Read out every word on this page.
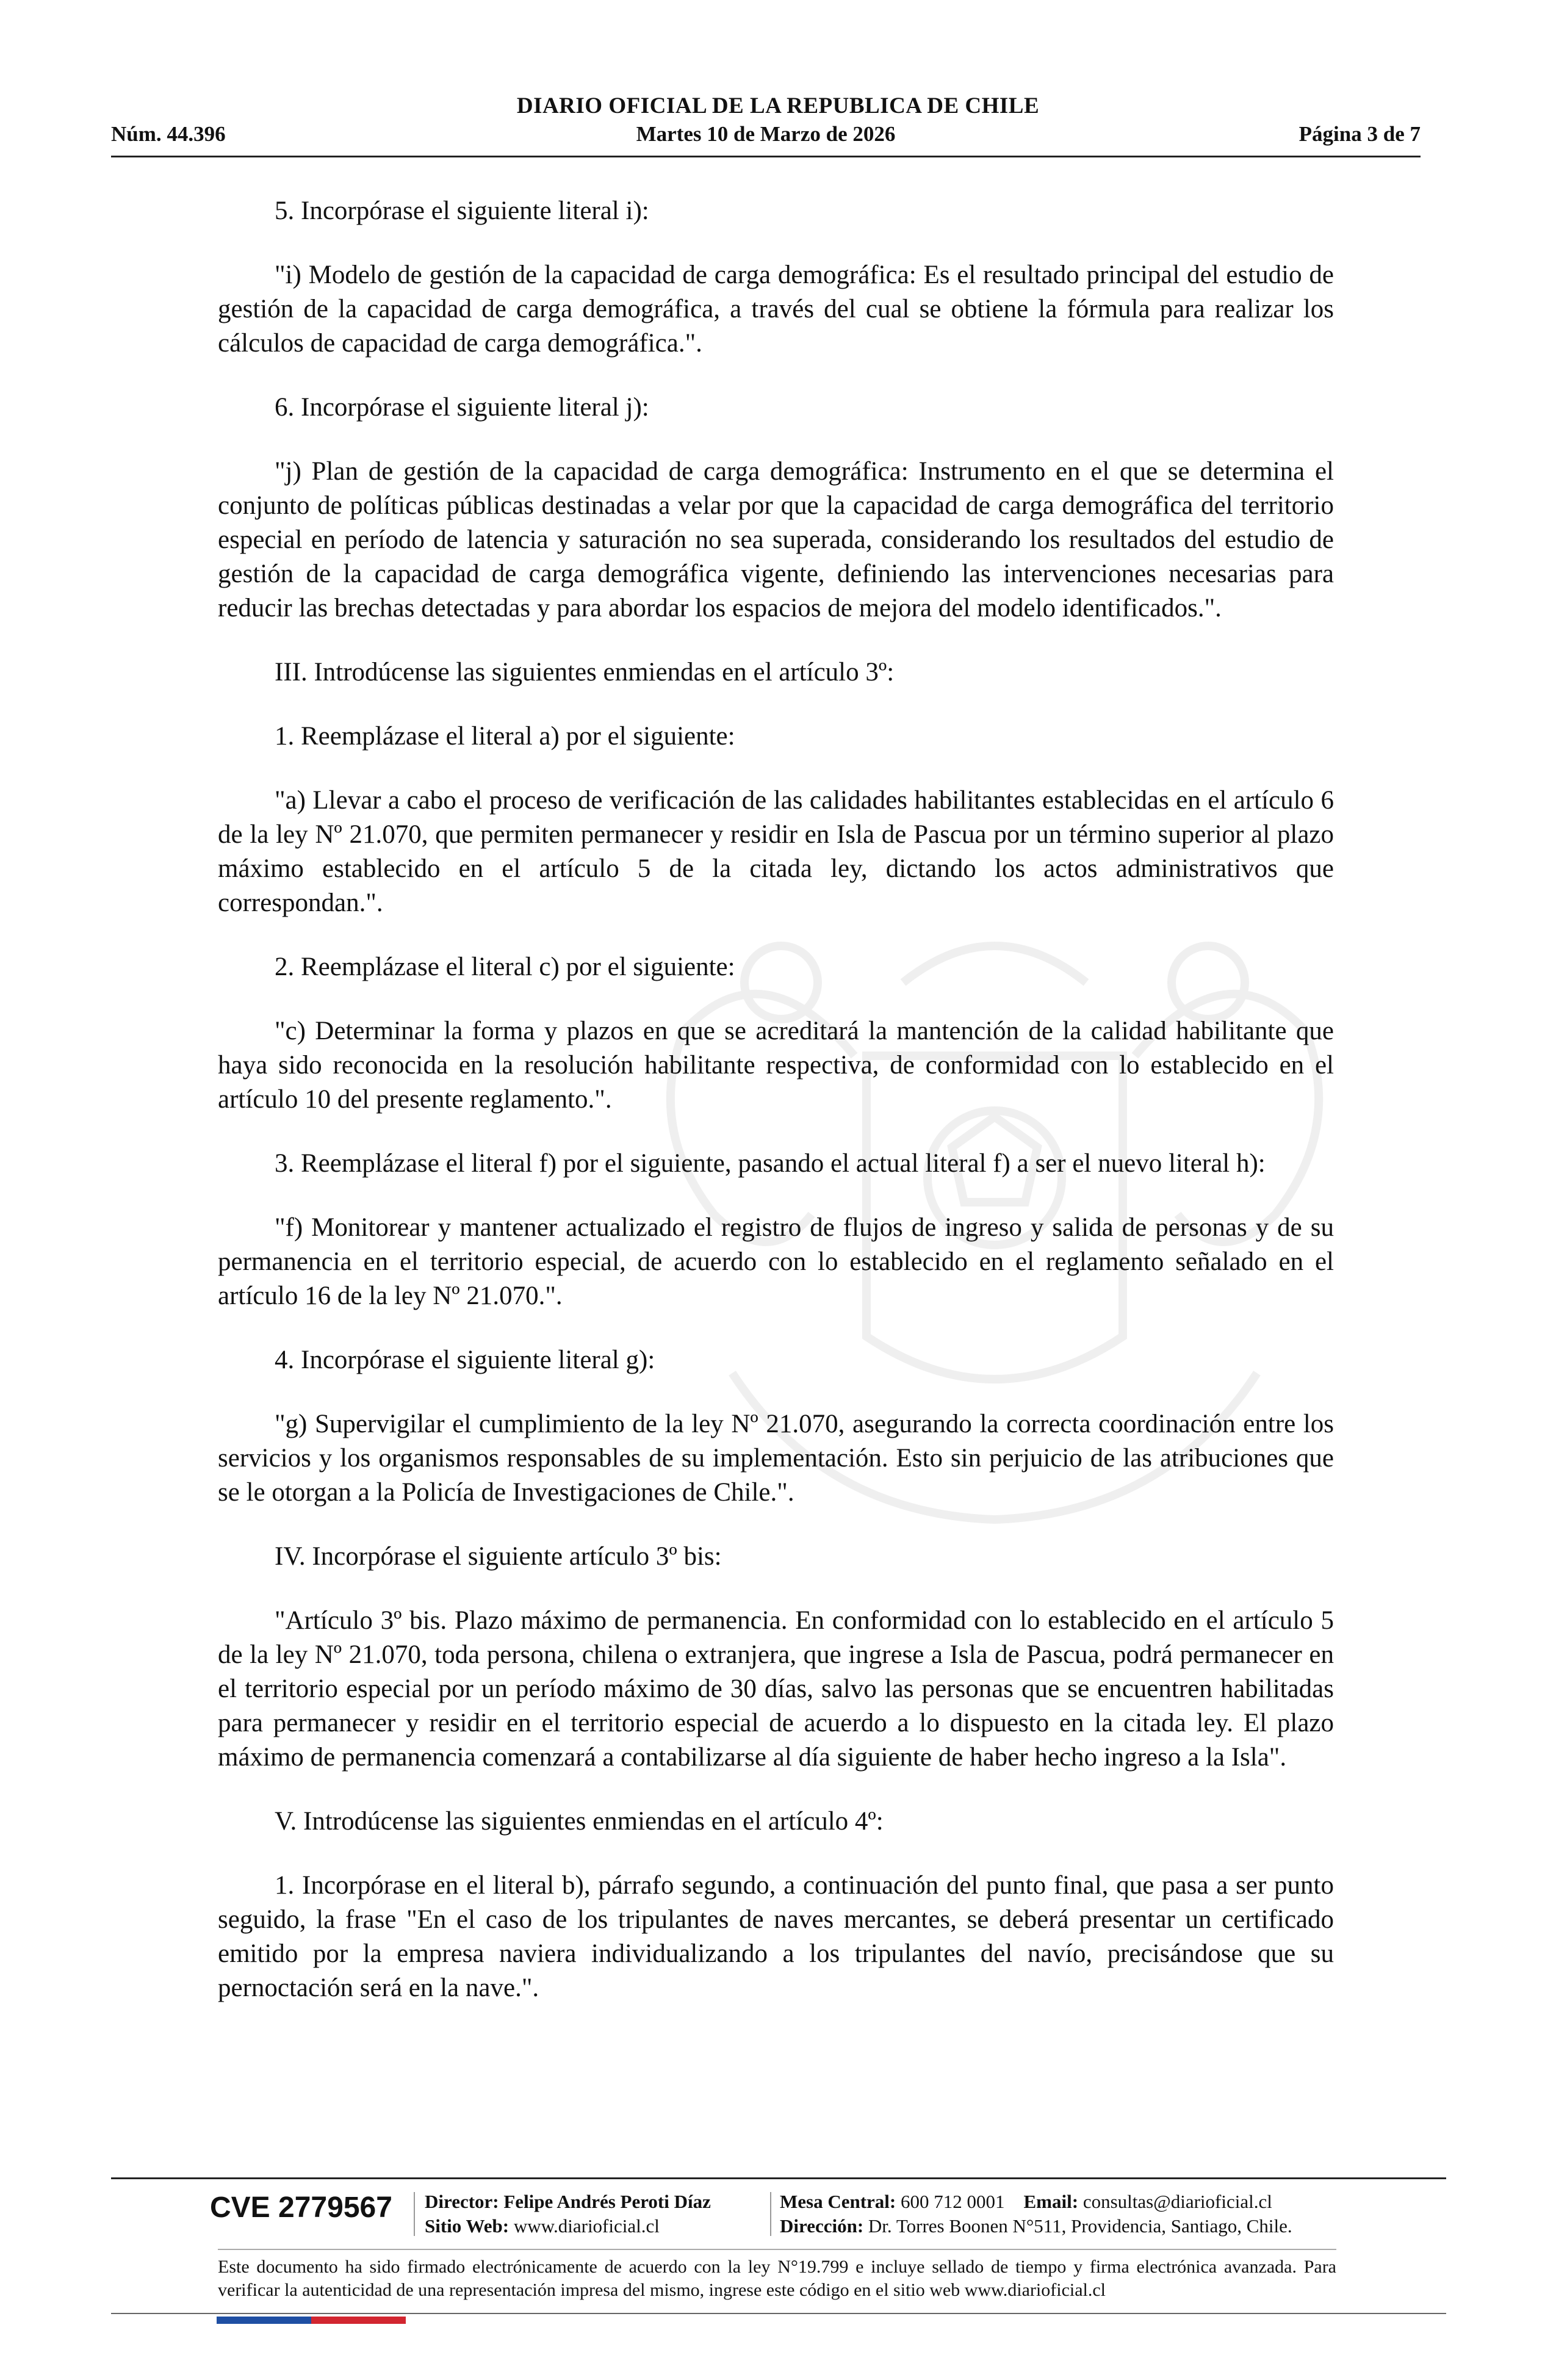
DIARIO OFICIAL DE LA REPUBLICA DE CHILE
Martes 10 de Marzo de 2026
Núm. 44.396	Página 3 de 7

5. Incorpórase el siguiente literal i):

"i) Modelo de gestión de la capacidad de carga demográfica: Es el resultado principal del estudio de gestión de la capacidad de carga demográfica, a través del cual se obtiene la fórmula para realizar los cálculos de capacidad de carga demográfica.".

6. Incorpórase el siguiente literal j):

"j) Plan de gestión de la capacidad de carga demográfica: Instrumento en el que se determina el conjunto de políticas públicas destinadas a velar por que la capacidad de carga demográfica del territorio especial en período de latencia y saturación no sea superada, considerando los resultados del estudio de gestión de la capacidad de carga demográfica vigente, definiendo las intervenciones necesarias para reducir las brechas detectadas y para abordar los espacios de mejora del modelo identificados.".

III. Introdúcense las siguientes enmiendas en el artículo 3º:

1. Reemplázase el literal a) por el siguiente:

"a) Llevar a cabo el proceso de verificación de las calidades habilitantes establecidas en el artículo 6 de la ley Nº 21.070, que permiten permanecer y residir en Isla de Pascua por un término superior al plazo máximo establecido en el artículo 5 de la citada ley, dictando los actos administrativos que correspondan.".

2. Reemplázase el literal c) por el siguiente:

"c) Determinar la forma y plazos en que se acreditará la mantención de la calidad habilitante que haya sido reconocida en la resolución habilitante respectiva, de conformidad con lo establecido en el artículo 10 del presente reglamento.".

3. Reemplázase el literal f) por el siguiente, pasando el actual literal f) a ser el nuevo literal h):

"f) Monitorear y mantener actualizado el registro de flujos de ingreso y salida de personas y de su permanencia en el territorio especial, de acuerdo con lo establecido en el reglamento señalado en el artículo 16 de la ley Nº 21.070.".

4. Incorpórase el siguiente literal g):

"g) Supervigilar el cumplimiento de la ley Nº 21.070, asegurando la correcta coordinación entre los servicios y los organismos responsables de su implementación. Esto sin perjuicio de las atribuciones que se le otorgan a la Policía de Investigaciones de Chile.".

IV. Incorpórase el siguiente artículo 3º bis:

"Artículo 3º bis. Plazo máximo de permanencia. En conformidad con lo establecido en el artículo 5 de la ley Nº 21.070, toda persona, chilena o extranjera, que ingrese a Isla de Pascua, podrá permanecer en el territorio especial por un período máximo de 30 días, salvo las personas que se encuentren habilitadas para permanecer y residir en el territorio especial de acuerdo a lo dispuesto en la citada ley. El plazo máximo de permanencia comenzará a contabilizarse al día siguiente de haber hecho ingreso a la Isla".

V. Introdúcense las siguientes enmiendas en el artículo 4º:

1. Incorpórase en el literal b), párrafo segundo, a continuación del punto final, que pasa a ser punto seguido, la frase "En el caso de los tripulantes de naves mercantes, se deberá presentar un certificado emitido por la empresa naviera individualizando a los tripulantes del navío, precisándose que su pernoctación será en la nave.".

CVE 2779567	Director: Felipe Andrés Peroti Díaz
Sitio Web: www.diarioficial.cl
Mesa Central: 600 712 0001 Email: consultas@diarioficial.cl
Dirección: Dr. Torres Boonen N°511, Providencia, Santiago, Chile.
Este documento ha sido firmado electrónicamente de acuerdo con la ley N°19.799 e incluye sellado de tiempo y firma electrónica avanzada. Para verificar la autenticidad de una representación impresa del mismo, ingrese este código en el sitio web www.diarioficial.cl
